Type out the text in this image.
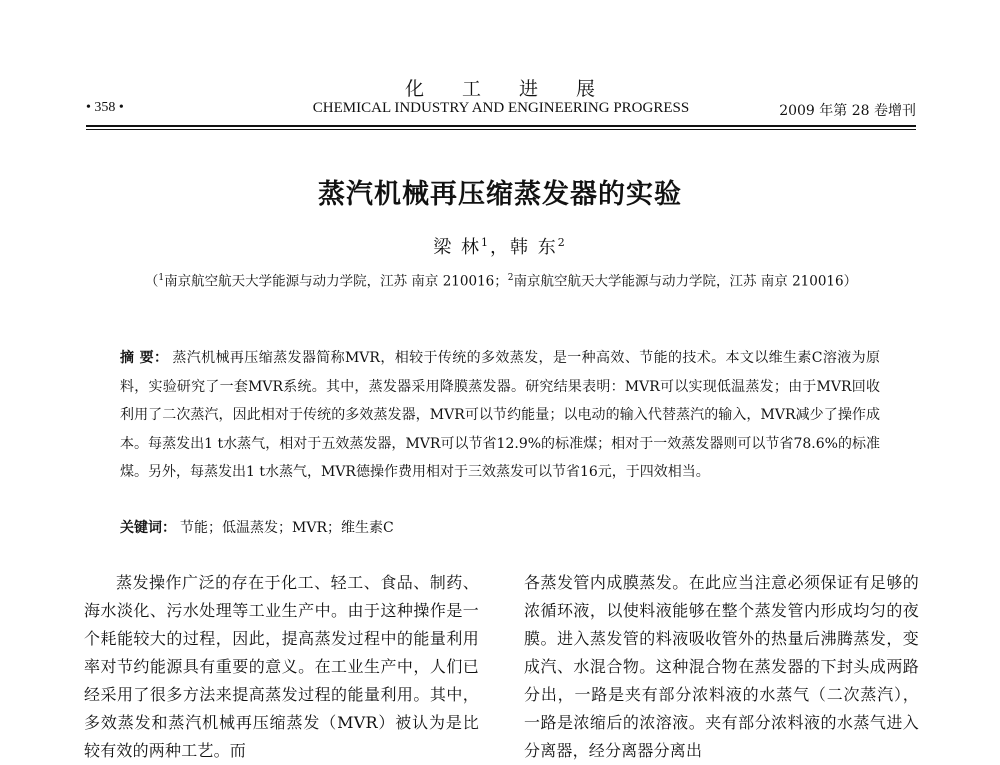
化工进展
• 358 •	CHEMICAL INDUSTRY AND ENGINEERING PROGRESS	2009 年第 28 卷增刊
蒸汽机械再压缩蒸发器的实验
梁 林$^1$，韩 东$^2$
（$^1$南京航空航天大学能源与动力学院，江苏 南京 210016；$^2$南京航空航天大学能源与动力学院，江苏 南京 210016）
摘 要： 蒸汽机械再压缩蒸发器简称MVR，相较于传统的多效蒸发，是一种高效、节能的技术。本文以维生素C溶液为原料，实验研究了一套MVR系统。其中，蒸发器采用降膜蒸发器。研究结果表明：MVR可以实现低温蒸发；由于MVR回收利用了二次蒸汽，因此相对于传统的多效蒸发器，MVR可以节约能量；以电动的输入代替蒸汽的输入，MVR减少了操作成本。每蒸发出1 t水蒸气，相对于五效蒸发器，MVR可以节省12.9%的标准煤；相对于一效蒸发器则可以节省78.6%的标准煤。另外，每蒸发出1 t水蒸气，MVR德操作费用相对于三效蒸发可以节省16元，于四效相当。
关键词： 节能；低温蒸发；MVR；维生素C

蒸发操作广泛的存在于化工、轻工、食品、制药、海水淡化、污水处理等工业生产中。由于这种操作是一个耗能较大的过程，因此，提高蒸发过程中的能量利用率对节约能源具有重要的意义。在工业生产中，人们已经采用了很多方法来提高蒸发过程的能量利用。其中，多效蒸发和蒸汽机械再压缩蒸发（MVR）被认为是比较有效的两种工艺。而

各蒸发管内成膜蒸发。在此应当注意必须保证有足够的浓循环液，以使料液能够在整个蒸发管内形成均匀的夜膜。进入蒸发管的料液吸收管外的热量后沸腾蒸发，变成汽、水混合物。这种混合物在蒸发器的下封头成两路分出，一路是夹有部分浓料液的水蒸气（二次蒸汽），一路是浓缩后的浓溶液。夹有部分浓料液的水蒸气进入分离器，经分离器分离出
